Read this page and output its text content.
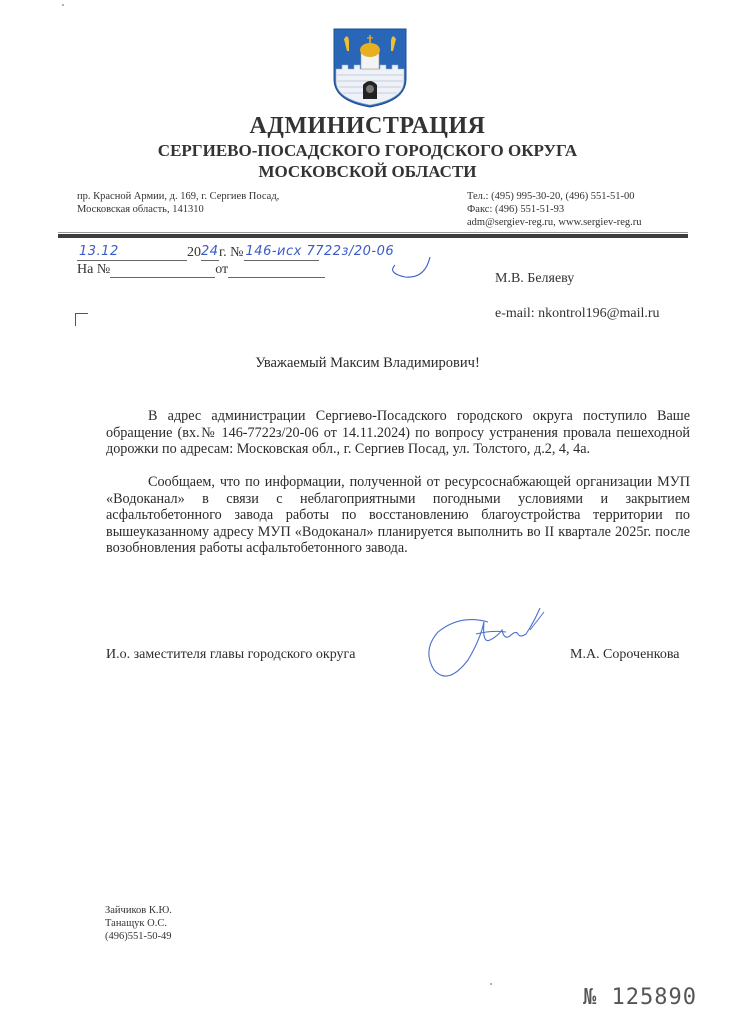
АДМИНИСТРАЦИЯ
СЕРГИЕВО-ПОСАДСКОГО ГОРОДСКОГО ОКРУГА
МОСКОВСКОЙ ОБЛАСТИ
пр. Красной Армии, д. 169, г. Сергиев Посад,
Московская область, 141310
Тел.: (495) 995-30-20, (496) 551-51-00
Факс: (496) 551-51-93
adm@sergiev-reg.ru, www.sergiev-reg.ru
13.12	20 24 г. № 146-исх 7722з/20-06
На №	от
М.В. Беляеву
e-mail: nkontrol196@mail.ru
Уважаемый Максим Владимирович!

В адрес администрации Сергиево-Посадского городского округа поступило Ваше обращение (вх.№ 146-7722з/20-06 от 14.11.2024) по вопросу устранения провала пешеходной дорожки по адресам: Московская обл., г. Сергиев Посад, ул. Толстого, д.2, 4, 4а.

Сообщаем, что по информации, полученной от ресурсоснабжающей организации МУП «Водоканал» в связи с неблагоприятными погодными условиями и закрытием асфальтобетонного завода работы по восстановлению благоустройства территории по вышеуказанному адресу МУП «Водоканал» планируется выполнить во II квартале 2025г. после возобновления работы асфальтобетонного завода.

И.о. заместителя главы городского округа	М.А. Сороченкова
Зайчиков К.Ю.
Танащук О.С.
(496)551-50-49
№ 125890
